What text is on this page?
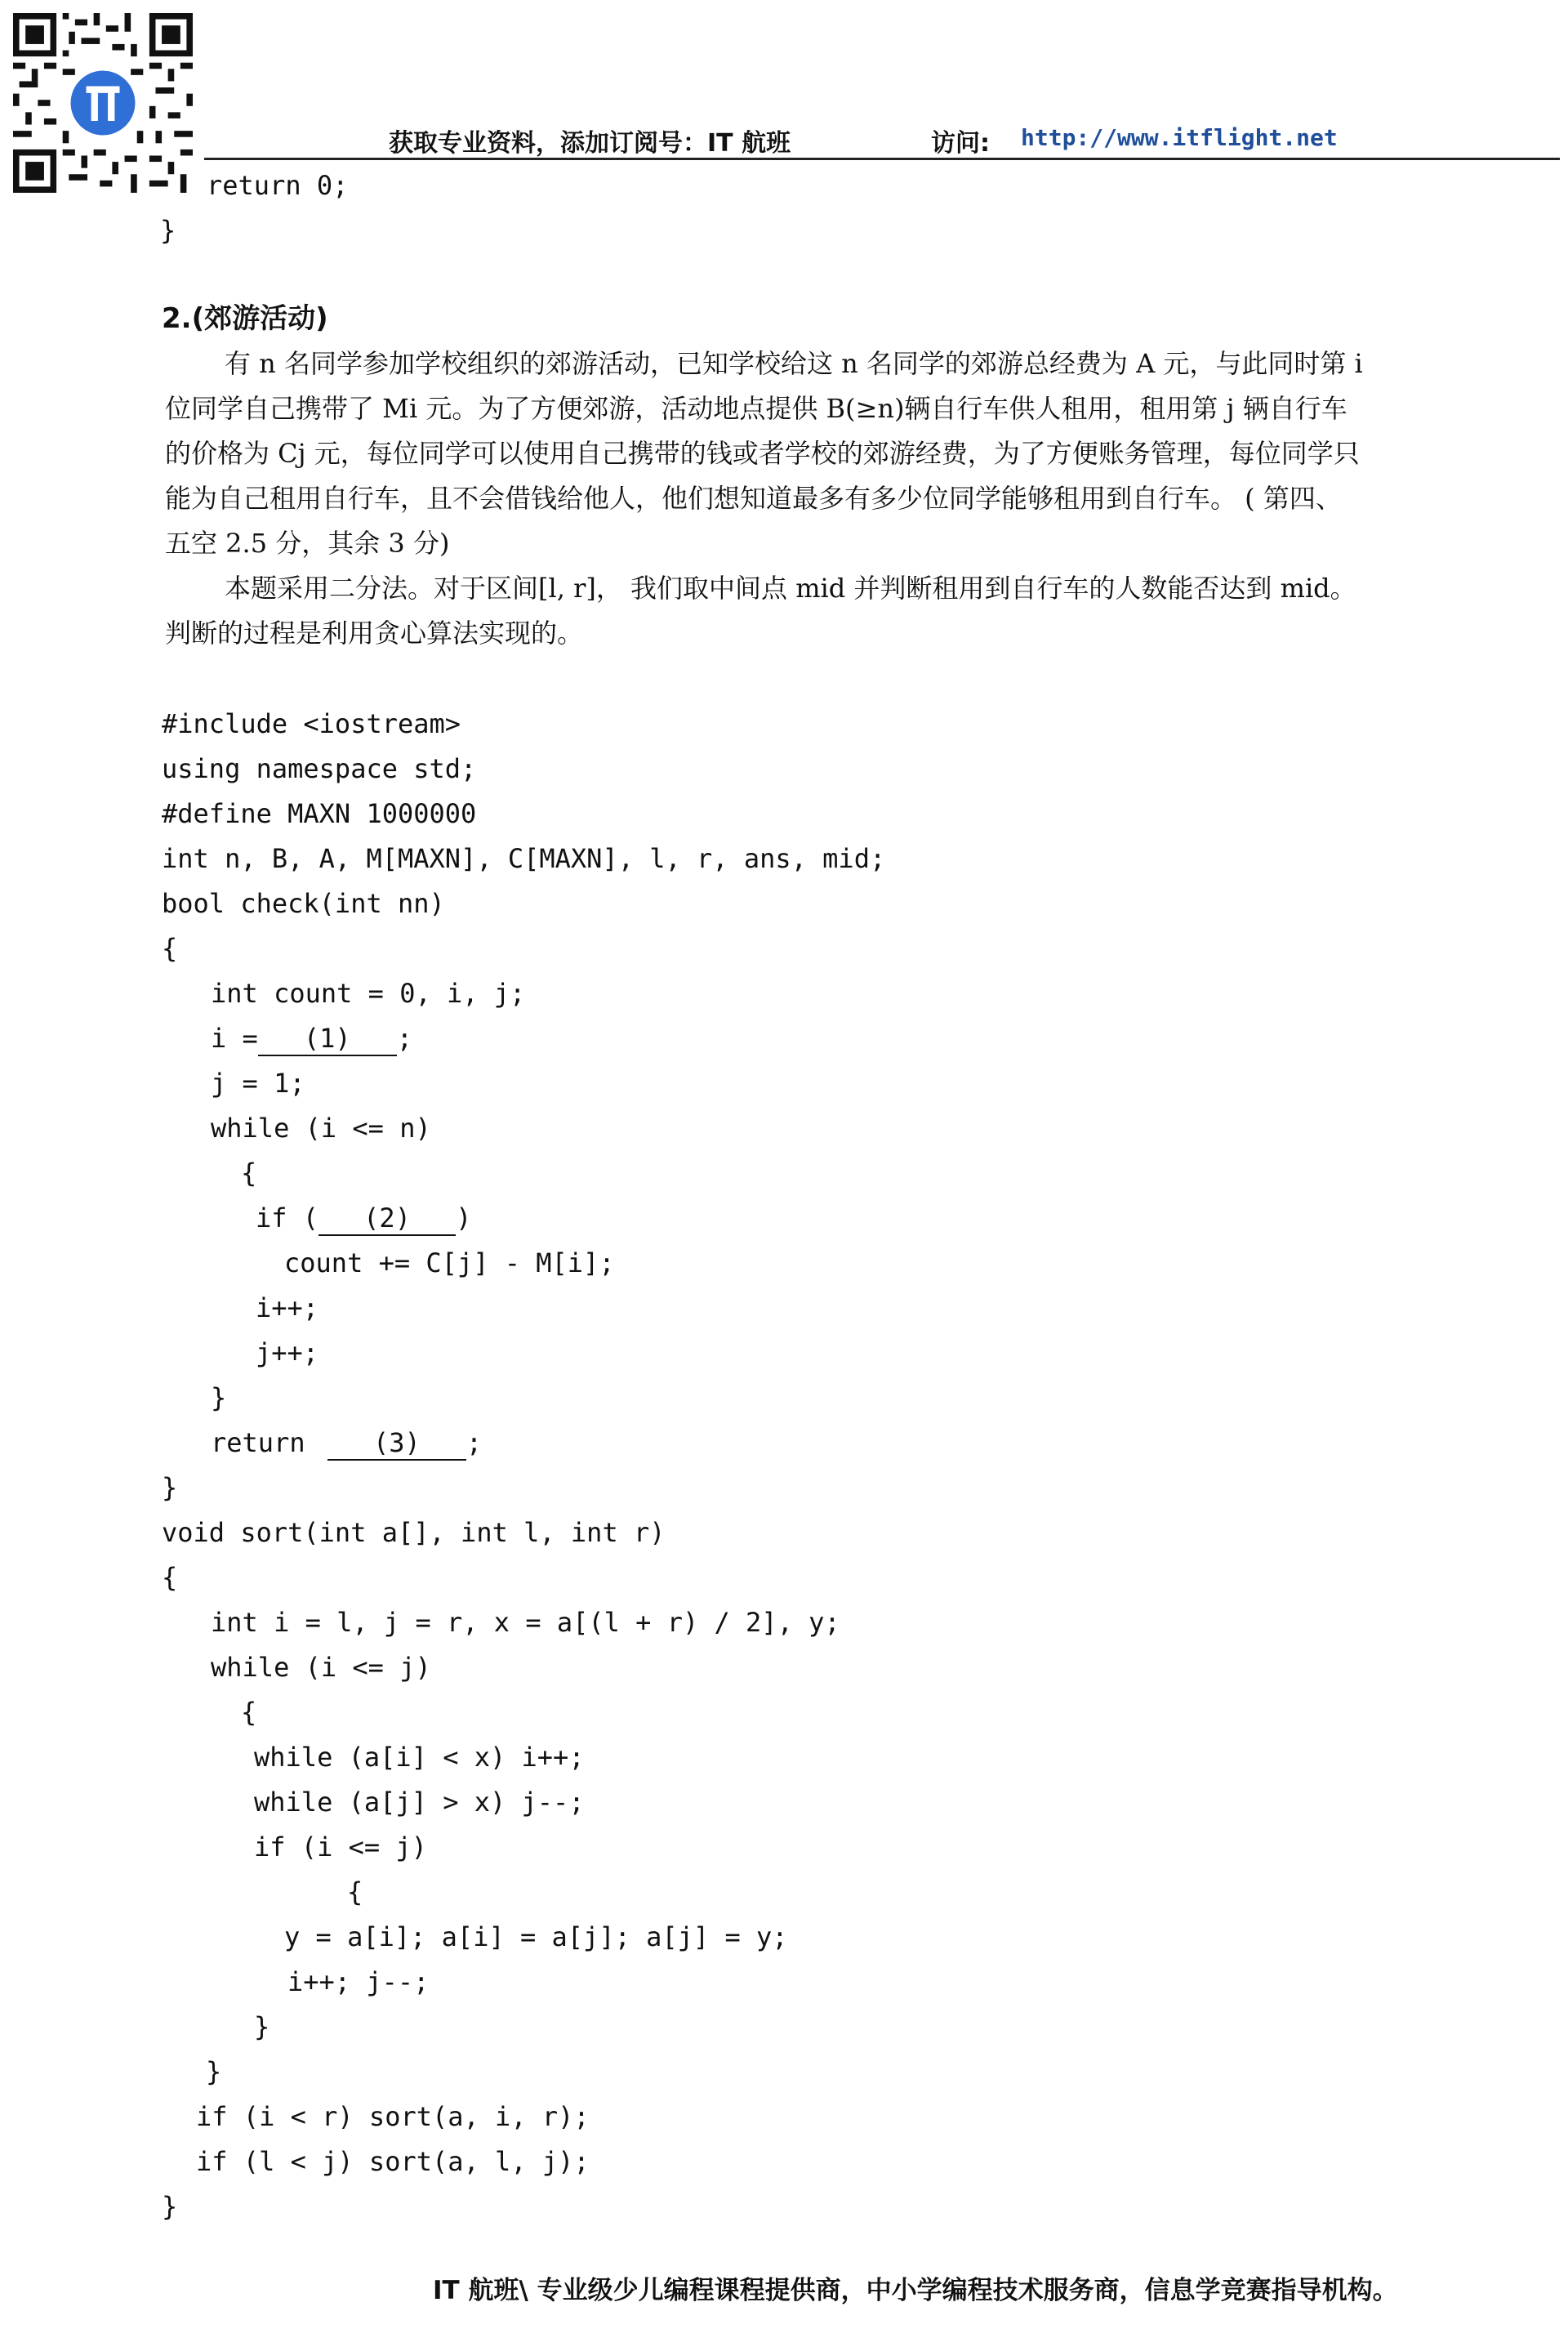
获取专业资料，添加订阅号：IT 航班	访问: http://www.itflight.net
return 0;
}
2.(郊游活动)
有 n 名同学参加学校组织的郊游活动，已知学校给这 n 名同学的郊游总经费为 A 元，与此同时第 i
位同学自己携带了 Mi 元。为了方便郊游，活动地点提供 B(≥n)辆自行车供人租用，租用第 j 辆自行车
的价格为 Cj 元，每位同学可以使用自己携带的钱或者学校的郊游经费，为了方便账务管理，每位同学只
能为自己租用自行车，且不会借钱给他人，他们想知道最多有多少位同学能够租用到自行车。 ( 第四、
五空 2.5 分，其余 3 分)
本题采用二分法。对于区间[l, r]， 我们取中间点 mid 并判断租用到自行车的人数能否达到 mid。
判断的过程是利用贪心算法实现的。
#include <iostream>
using namespace std;
#define MAXN 1000000
int n, B, A, M[MAXN], C[MAXN], l, r, ans, mid;
bool check(int nn)
{
int count = 0, i, j;
i = (1) ;
j = 1;
while (i <= n)
{
if ( (2) )
count += C[j] - M[i];
i++;
j++;
}
return (3) ;
}
void sort(int a[], int l, int r)
{
int i = l, j = r, x = a[(l + r) / 2], y;
while (i <= j)
{
while (a[i] < x) i++;
while (a[j] > x) j--;
if (i <= j)
{
y = a[i]; a[i] = a[j]; a[j] = y;
i++; j--;
}
}
if (i < r) sort(a, i, r);
if (l < j) sort(a, l, j);
}
IT 航班\ 专业级少儿编程课程提供商，中小学编程技术服务商，信息学竞赛指导机构。
